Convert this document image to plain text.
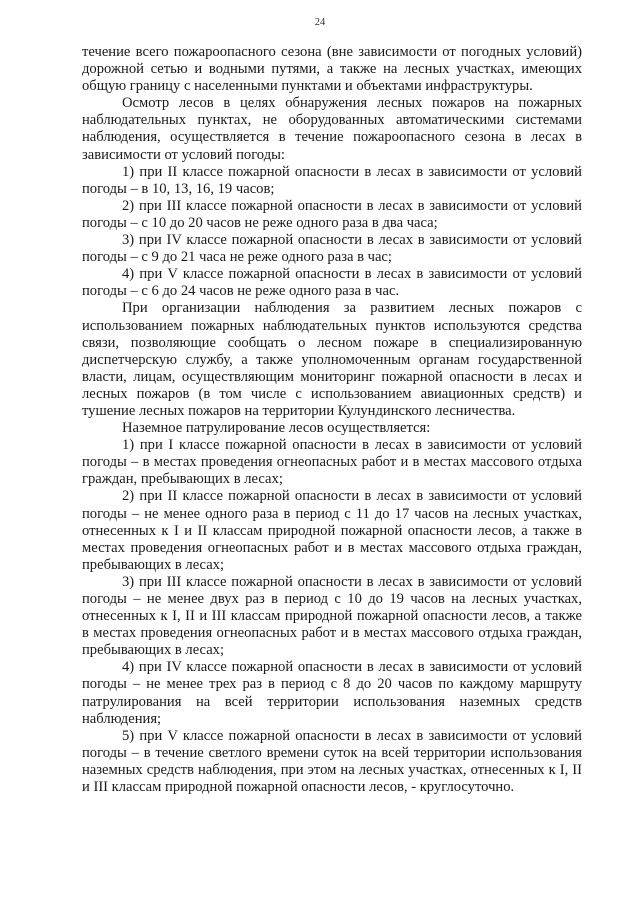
24

течение всего пожароопасного сезона (вне зависимости от погодных условий) дорожной сетью и водными путями, а также на лесных участках, имеющих общую границу с населенными пунктами и объектами инфраструктуры.

Осмотр лесов в целях обнаружения лесных пожаров на пожарных наблюдательных пунктах, не оборудованных автоматическими системами наблюдения, осуществляется в течение пожароопасного сезона в лесах в зависимости от условий погоды:

1) при II классе пожарной опасности в лесах в зависимости от условий погоды – в 10, 13, 16, 19 часов;

2) при III классе пожарной опасности в лесах в зависимости от условий погоды – с 10 до 20 часов не реже одного раза в два часа;

3) при IV классе пожарной опасности в лесах в зависимости от условий погоды – с 9 до 21 часа не реже одного раза в час;

4) при V классе пожарной опасности в лесах в зависимости от условий погоды – с 6 до 24 часов не реже одного раза в час.

При организации наблюдения за развитием лесных пожаров с использованием пожарных наблюдательных пунктов используются средства связи, позволяющие сообщать о лесном пожаре в специализированную диспетчерскую службу, а также уполномоченным органам государственной власти, лицам, осуществляющим мониторинг пожарной опасности в лесах и лесных пожаров (в том числе с использованием авиационных средств) и тушение лесных пожаров на территории Кулундинского лесничества.

Наземное патрулирование лесов осуществляется:

1) при I классе пожарной опасности в лесах в зависимости от условий погоды – в местах проведения огнеопасных работ и в местах массового отдыха граждан, пребывающих в лесах;

2) при II классе пожарной опасности в лесах в зависимости от условий погоды – не менее одного раза в период с 11 до 17 часов на лесных участках, отнесенных к I и II классам природной пожарной опасности лесов, а также в местах проведения огнеопасных работ и в местах массового отдыха граждан, пребывающих в лесах;

3) при III классе пожарной опасности в лесах в зависимости от условий погоды – не менее двух раз в период с 10 до 19 часов на лесных участках, отнесенных к I, II и III классам природной пожарной опасности лесов, а также в местах проведения огнеопасных работ и в местах массового отдыха граждан, пребывающих в лесах;

4) при IV классе пожарной опасности в лесах в зависимости от условий погоды – не менее трех раз в период с 8 до 20 часов по каждому маршруту патрулирования на всей территории использования наземных средств наблюдения;

5) при V классе пожарной опасности в лесах в зависимости от условий погоды – в течение светлого времени суток на всей территории использования наземных средств наблюдения, при этом на лесных участках, отнесенных к I, II и III классам природной пожарной опасности лесов, - круглосуточно.
